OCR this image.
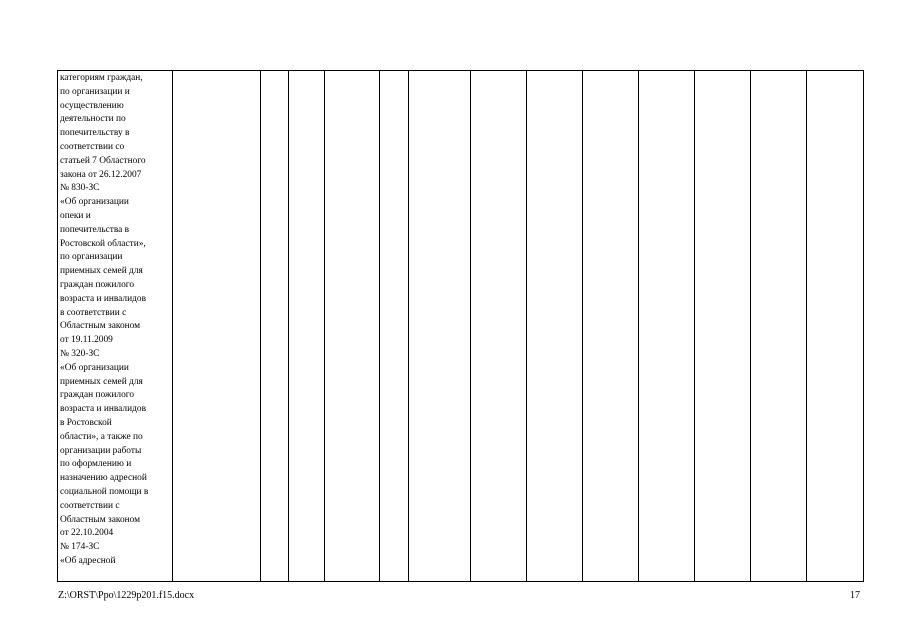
категориям граждан,
по организации и
осуществлению
деятельности по
попечительству в
соответствии со
статьей 7 Областного
закона от 26.12.2007
№ 830-ЗС
«Об организации
опеки и
попечительства в
Ростовской области»,
по организации
приемных семей для
граждан пожилого
возраста и инвалидов
в соответствии с
Областным законом
от 19.11.2009
№ 320-ЗС
«Об организации
приемных семей для
граждан пожилого
возраста и инвалидов
в Ростовской
области», а также по
организации работы
по оформлению и
назначению адресной
социальной помощи в
соответствии с
Областным законом
от 22.10.2004
№ 174-ЗС
«Об адресной													
Z:\ORST\Ppo\1229p201.f15.docx	17
